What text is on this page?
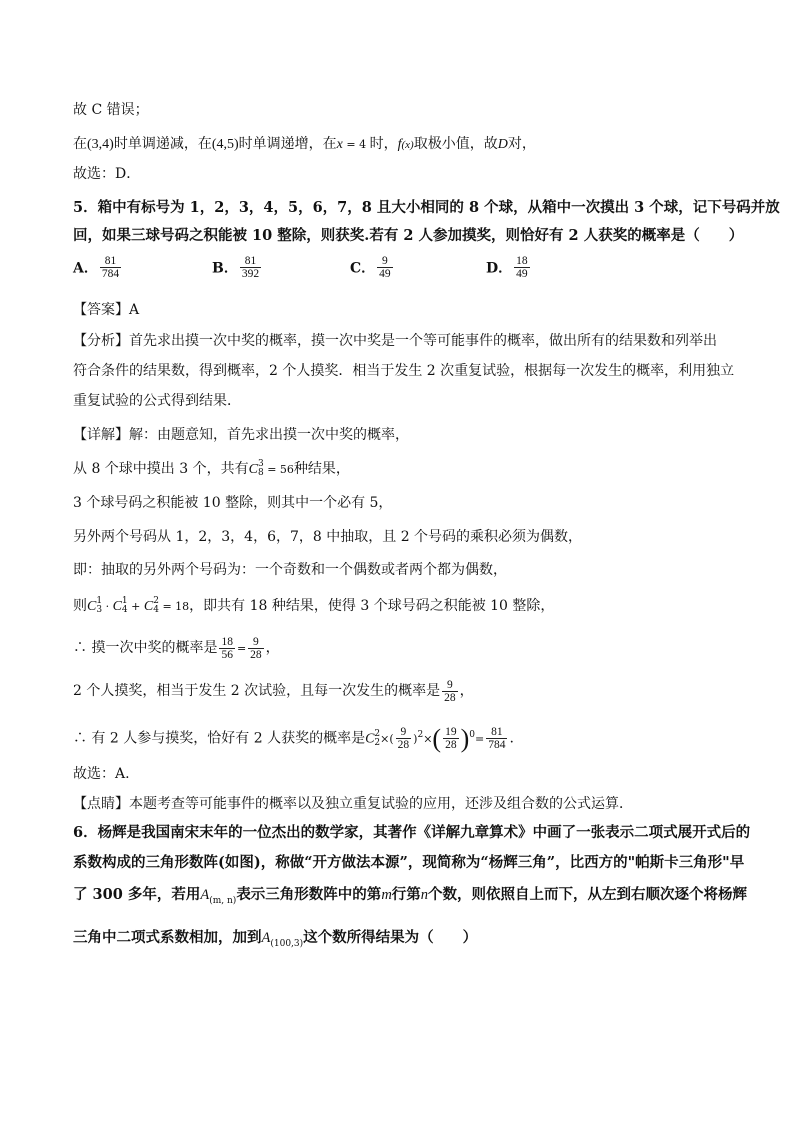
故 C 错误；
在(3,4)时单调递减，在(4,5)时单调递增，在x = 4 时，f(x)取极小值，故D对，
故选：D．
5．箱中有标号为 1，2，3，4，5，6，7，8 且大小相同的 8 个球，从箱中一次摸出 3 个球，记下号码并放
回，如果三球号码之积能被 10 整除，则获奖.若有 2 人参加摸奖，则恰好有 2 人获奖的概率是（　　）
A． $\frac{81}{784}$	B． $\frac{81}{392}$	C． $\frac{9}{49}$	D． $\frac{18}{49}$
【答案】A
【分析】首先求出摸一次中奖的概率，摸一次中奖是一个等可能事件的概率，做出所有的结果数和列举出
符合条件的结果数，得到概率，2 个人摸奖．相当于发生 2 次重复试验，根据每一次发生的概率，利用独立
重复试验的公式得到结果．
【详解】解：由题意知，首先求出摸一次中奖的概率，
从 8 个球中摸出 3 个，共有C 3
8 = 56种结果，
3 个球号码之积能被 10 整除，则其中一个必有 5，
另外两个号码从 1，2，3，4，6，7，8 中抽取，且 2 个号码的乘积必须为偶数，
即：抽取的另外两个号码为：一个奇数和一个偶数或者两个都为偶数，
则C 1
3 · C 1
4 + C 2
4 = 18，即共有 18 种结果，使得 3 个球号码之积能被 10 整除，
∴ 摸一次中奖的概率是 $\frac{18}{56} = \frac{9}{28}$ ，
2 个人摸奖，相当于发生 2 次试验，且每一次发生的概率是 $\frac{9}{28}$ ，
∴ 有 2 人参与摸奖，恰好有 2 人获奖的概率是C 2
2 ×( $\frac{9}{28} )^2\times( \frac{19}{28} )^0= \frac{81}{784}$ .
故选：A.
【点睛】本题考查等可能事件的概率以及独立重复试验的应用，还涉及组合数的公式运算．
6．杨辉是我国南宋末年的一位杰出的数学家，其著作《详解九章算术》中画了一张表示二项式展开式后的
系数构成的三角形数阵(如图)，称做“开方做法本源”，现简称为“杨辉三角”，比西方的"帕斯卡三角形"早
了 300 多年，若用$A_{(m, n)}$表示三角形数阵中的第m行第n个数，则依照自上而下，从左到右顺次逐个将杨辉
三角中二项式系数相加，加到$A_{(100,3)}$这个数所得结果为（　　）
